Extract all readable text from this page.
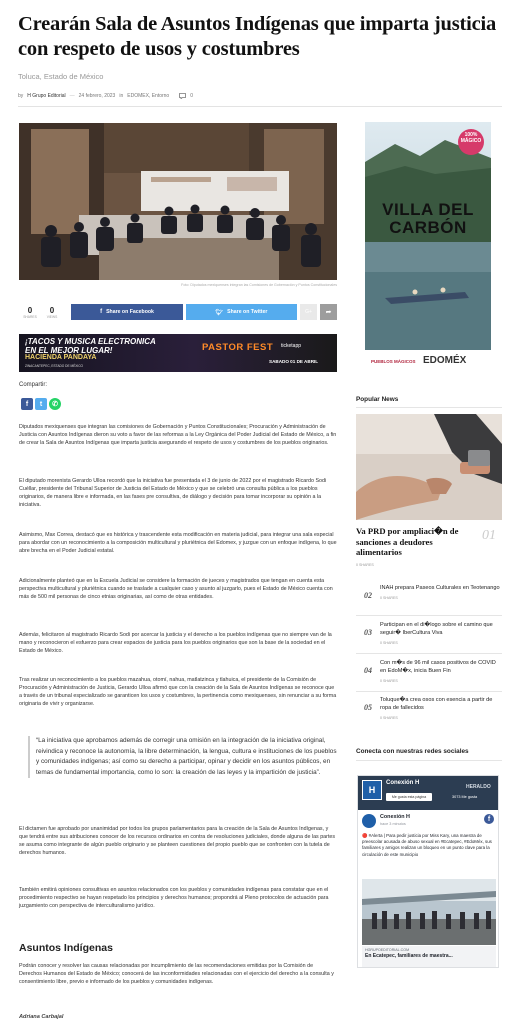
Crearán Sala de Asuntos Indígenas que imparta justicia con respeto de usos y costumbres
Toluca, Estado de México
by H Grupo Editorial — 24 febrero, 2023 in EDOMEX, Entorno	0
Foto: Diputados mexiquenses integran las Comisiones de Gobernación y Puntos Constitucionales
0
SHARES
0
VIEWS
f Share on Facebook	🐦︎ Share on Twitter	G+ ➦
¡TACOS Y MUSICA ELECTRONICA
EN EL MEJOR LUGAR!
HACIENDA PANDAYA
ZINACANTEPEC, ESTADO DE MÉXICO
PASTOR FEST ticketapp
SABADO 01 DE ABRIL
Compartir:
f	t	✆

Diputados mexiquenses que integran las comisiones de Gobernación y Puntos Constitucionales; Procuración y Administración de Justicia con Asuntos Indígenas dieron su voto a favor de las reformas a la Ley Orgánica del Poder Judicial del Estado de México, a fin de crear la Sala de Asuntos Indígenas que imparta justicia asegurando el respeto de usos y costumbres de los pueblos originarios.

El diputado morenista Gerardo Ulloa recordó que la iniciativa fue presentada el 3 de junio de 2022 por el magistrado Ricardo Sodi Cuéllar, presidente del Tribunal Superior de Justicia del Estado de México y que se celebró una consulta pública a los pueblos originarios, de manera libre e informada, en las fases pre consultiva, de diálogo y decisión para tomar incorporar su opinión a la iniciativa.

Asimismo, Max Correa, destacó que es histórica y trascendente esta modificación en materia judicial, para integrar una sala especial para abordar con un reconocimiento a la composición multicultural y pluriétnica del Edomex, y juzgue con un enfoque indígena, lo que abre brecha en el Poder Judicial estatal.

Adicionalmente planteó que en la Escuela Judicial se considere la formación de jueces y magistrados que tengan en cuenta esta perspectiva multicultural y pluriétnica cuando se traslade a cualquier caso y asunto al juzgarlo, pues el Estado de México cuenta con más de 500 mil personas de cinco etnias originarias, así como de otras entidades.

Además, felicitaron al magistrado Ricardo Sodi por acercar la justicia y el derecho a los pueblos indígenas que no siempre van de la mano y reconocieron el esfuerzo para crear espacios de justicia para los pueblos originarios que son la base de la sociedad en el Estado de México.

Tras realizar un reconocimiento a los pueblos mazahua, otomí, nahua, matlatzinca y tlahuica, el presidente de la Comisión de Procuración y Administración de Justicia, Gerardo Ulloa afirmó que con la creación de la Sala de Asuntos Indígenas se reconoce que a través de un tribunal especializado se garanticen los usos y costumbres, la pertinencia como mexiquenses, sin renunciar a su forma originaria de vivir y organizarse.

“La iniciativa que aprobamos además de corregir una omisión en la integración de la iniciativa original, reivindica y reconoce la autonomía, la libre determinación, la lengua, cultura e instituciones de los pueblos y comunidades indígenas; así como su derecho a participar, opinar y decidir en los asuntos públicos, en temas de fundamental importancia, como lo son: la creación de las leyes y la impartición de justicia”.

El dictamen fue aprobado por unanimidad por todos los grupos parlamentarios para la creación de la Sala de Asuntos Indígenas, y que tendrá entre sus atribuciones conocer de los recursos ordinarios en contra de resoluciones judiciales, donde alguna de las partes se asuma como integrante de algún pueblo originario y se planteen cuestiones del propio pueblo que se confronten con la tutela de derechos humanos.

También emitirá opiniones consultivas en asuntos relacionados con los pueblos y comunidades indígenas para constatar que en el procedimiento respectivo se hayan respetado los principios y derechos humanos; propondrá al Pleno protocolos de actuación para juzgamiento con perspectiva de interculturalismo jurídico.

Asuntos Indígenas

Podrán conocer y resolver las causas relacionadas por incumplimiento de las recomendaciones emitidas por la Comisión de Derechos Humanos del Estado de México; conocerá de las inconformidades relacionadas con el ejercicio del derecho a la consulta y consentimiento libre, previo e informado de los pueblos y comunidades indígenas.

Adriana Carbajal
100% MÁGICO
VILLA DEL
CARBÓN
PUEBLOS MÁGICOS EDOMÉX
Popular News
Va PRD por ampliaci�n de sanciones a deudores alimentarios
01
0 SHARES
02
INAH prepara Paseos Culturales en Teotenango
0 SHARES
03
Participan en el di�logo sobre el camino que seguir� IberCultura Viva
0 SHARES
04
Con m�s de 96 mil casos positivos de COVID en EdoM�x, inicia Buen Fin
0 SHARES
05
Toluque�a crea osos con esencia a partir de ropa de fallecidos
0 SHARES
Conecta con nuestras redes sociales
H
Conexión H
Me gusta esta página	3073 Me gusta
HERALDO
Conexión H
hace 3 minutos
f
🔴 #Alerta | Para pedir justicia por Miss Kary, una maestra de preescolar acusada de abuso sexual en #Ecatepec, #EdoMéx, sus familiares y amigos realizan un bloqueo en un punto clave para la circulación de este municipio
HGRUPOEDITORIAL.COM
En Ecatepec, familiares de maestra...
